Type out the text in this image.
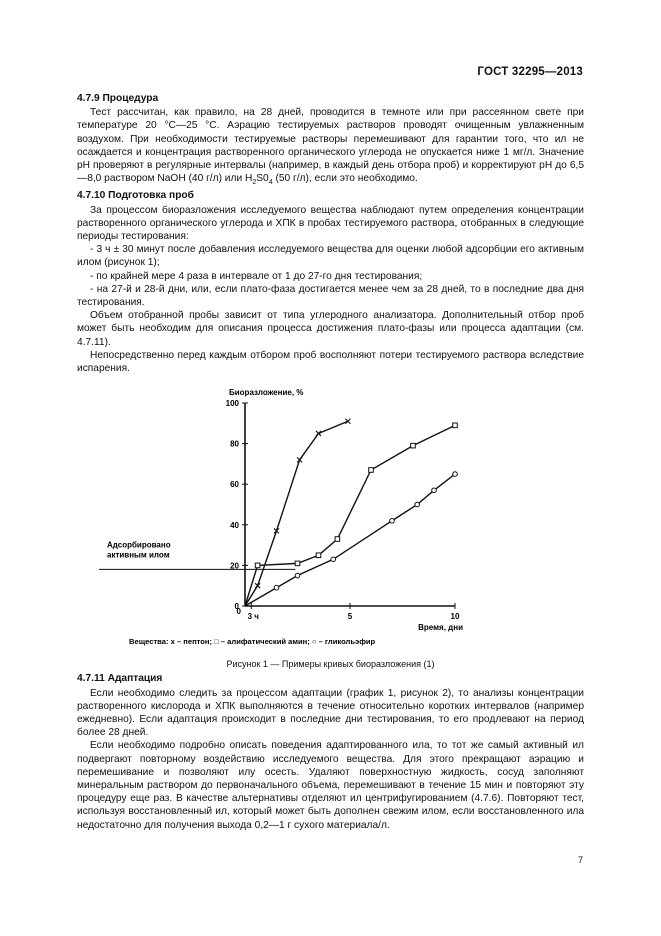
ГОСТ 32295—2013

4.7.9 Процедура

Тест рассчитан, как правило, на 28 дней, проводится в темноте или при рассеянном свете при температуре 20 °С—25 °С. Аэрацию тестируемых растворов проводят очищенным увлажненным воздухом. При необходимости тестируемые растворы перемешивают для гарантии того, что ил не осаждается и концентрация растворенного органического углерода не опускается ниже 1 мг/л. Значение pH проверяют в регулярные интервалы (например, в каждый день отбора проб) и корректируют pH до 6,5—8,0 раствором NaOH (40 г/л) или $H_2S0_4$ (50 г/л), если это необходимо.

4.7.10 Подготовка проб

За процессом биоразложения исследуемого вещества наблюдают путем определения концентрации растворенного органического углерода и ХПК в пробах тестируемого раствора, отобранных в следующие периоды тестирования:

- 3 ч ± 30 минут после добавления исследуемого вещества для оценки любой адсорбции его активным илом (рисунок 1);

- по крайней мере 4 раза в интервале от 1 до 27-го дня тестирования;

- на 27-й и 28-й дни, или, если плато-фаза достигается менее чем за 28 дней, то в последние два дня тестирования.

Объем отобранной пробы зависит от типа углеродного анализатора. Дополнительный отбор проб может быть необходим для описания процесса достижения плато-фазы или процесса адаптации (см. 4.7.11).

Непосредственно перед каждым отбором проб восполняют потери тестируемого раствора вследствие испарения.

0
20
40
60
80
100
3 ч	5	10
0
Биоразложение, %
Время, дни
Адсорбировано
активным илом
Вещества: x – пептон; □ – алифатический амин; ○ – гликольэфир
Рисунок 1 — Примеры кривых биоразложения (1)

4.7.11 Адаптация

Если необходимо следить за процессом адаптации (график 1, рисунок 2), то анализы концентрации растворенного кислорода и ХПК выполняются в течение относительно коротких интервалов (например ежедневно). Если адаптация происходит в последние дни тестирования, то его продлевают на период более 28 дней.

Если необходимо подробно описать поведения адаптированного ила, то тот же самый активный ил подвергают повторному воздействию исследуемого вещества. Для этого прекращают аэрацию и перемешивание и позволяют илу осесть. Удаляют поверхностную жидкость, сосуд заполняют минеральным раствором до первоначального объема, перемешивают в течение 15 мин и повторяют эту процедуру еще раз. В качестве альтернативы отделяют ил центрифугированием (4.7.6). Повторяют тест, используя восстановленный ил, который может быть дополнен свежим илом, если восстановленного ила недостаточно для получения выхода 0,2—1 г сухого материала/л.

7
